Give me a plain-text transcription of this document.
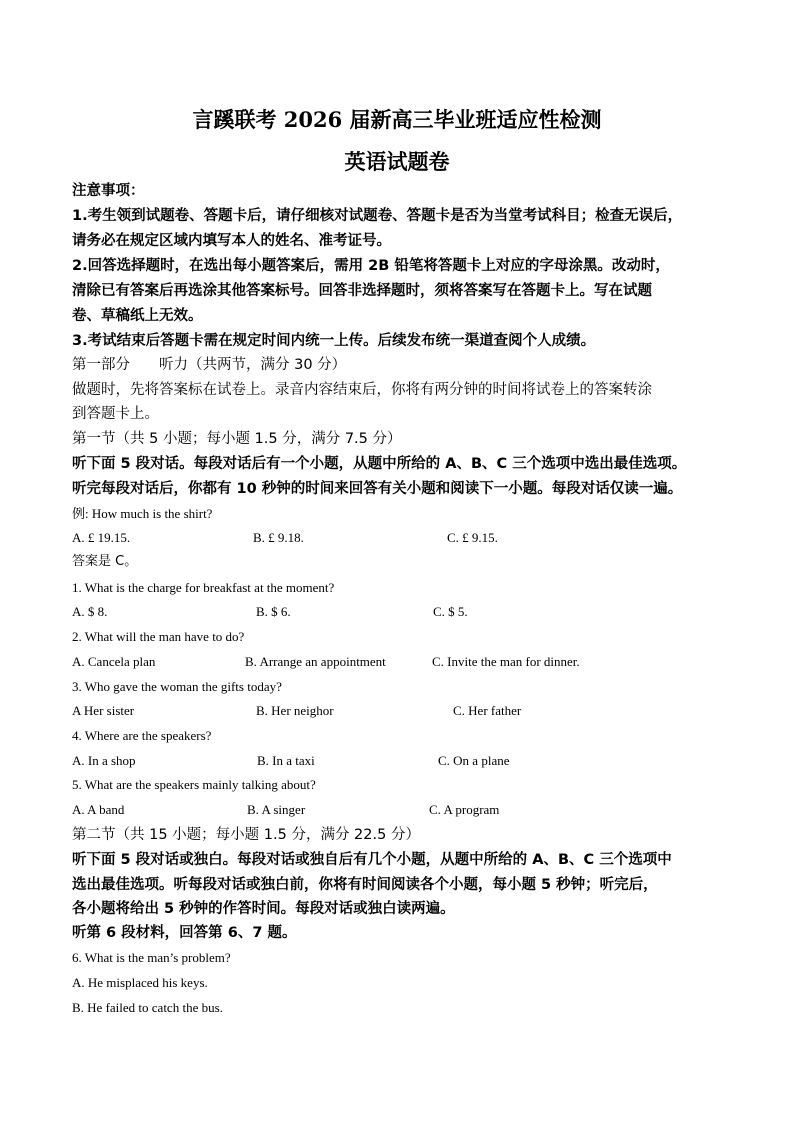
言蹊联考 2026 届新高三毕业班适应性检测
英语试题卷

注意事项：

1.考生领到试题卷、答题卡后，请仔细核对试题卷、答题卡是否为当堂考试科目；检查无误后，

请务必在规定区域内填写本人的姓名、准考证号。

2.回答选择题时，在选出每小题答案后，需用 2B 铅笔将答题卡上对应的字母涂黑。改动时，

清除已有答案后再选涂其他答案标号。回答非选择题时，须将答案写在答题卡上。写在试题

卷、草稿纸上无效。

3.考试结束后答题卡需在规定时间内统一上传。后续发布统一渠道查阅个人成绩。

第一部分　　听力（共两节，满分 30 分）

做题时，先将答案标在试卷上。录音内容结束后，你将有两分钟的时间将试卷上的答案转涂

到答题卡上。

第一节（共 5 小题；每小题 1.5 分，满分 7.5 分）

听下面 5 段对话。每段对话后有一个小题，从题中所给的 A、B、C 三个选项中选出最佳选项。

听完每段对话后，你都有 10 秒钟的时间来回答有关小题和阅读下一小题。每段对话仅读一遍。

例: How much is the shirt?

A. £ 19.15.	B. £ 9.18.	C. £ 9.15.

答案是 C。

1. What is the charge for breakfast at the moment?

A. $ 8.	B. $ 6.	C. $ 5.

2. What will the man have to do?

A. Cancela plan	B. Arrange an appointment	C. Invite the man for dinner.

3. Who gave the woman the gifts today?

A Her sister	B. Her neighor	C. Her father

4. Where are the speakers?

A. In a shop	B. In a taxi	C. On a plane

5. What are the speakers mainly talking about?

A. A band	B. A singer	C. A program

第二节（共 15 小题；每小题 1.5 分，满分 22.5 分）

听下面 5 段对话或独白。每段对话或独自后有几个小题，从题中所给的 A、B、C 三个选项中

选出最佳选项。听每段对话或独白前，你将有时间阅读各个小题，每小题 5 秒钟；听完后，

各小题将给出 5 秒钟的作答时间。每段对话或独白读两遍。

听第 6 段材料，回答第 6、7 题。

6. What is the man’s problem?

A. He misplaced his keys.

B. He failed to catch the bus.
